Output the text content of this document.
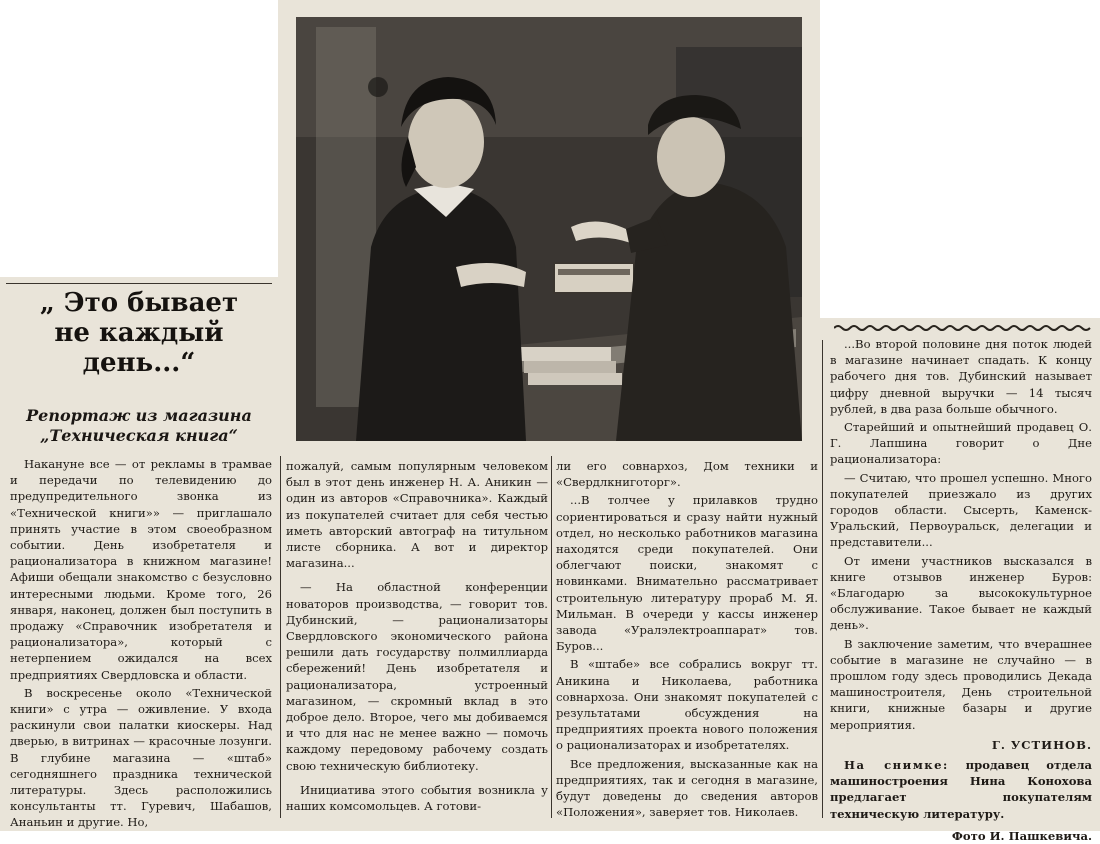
„ Это бывает
не каждый
день...“
Репортаж из магазина
„Техническая книга“

Накануне все — от рекламы в трамвае и передачи по телевидению до предупредительного звонка из «Технической книги»» — приглашало принять участие в этом своеобразном событии. День изобретателя и рационализатора в книжном магазине! Афиши обещали знакомство с безусловно интересными людьми. Кроме того, 26 января, наконец, должен был поступить в продажу «Справочник изобретателя и рационализатора», который с нетерпением ожидался на всех предприятиях Свердловска и области.

В воскресенье около «Технической книги» с утра — оживление. У входа раскинули свои палатки киоскеры. Над дверью, в витринах — красочные лозунги. В глубине магазина — «штаб» сегодняшнего праздника технической литературы. Здесь расположились консультанты тт. Гуревич, Шабашов, Ананьин и другие. Но,

пожалуй, самым популярным человеком был в этот день инженер Н. А. Аникин — один из авторов «Справочника». Каждый из покупателей считает для себя честью иметь авторский автограф на титульном листе сборника. А вот и директор магазина...

— На областной конференции новаторов производства, — говорит тов. Дубинский, — рационализаторы Свердловского экономического района решили дать государству полмиллиарда сбережений! День изобретателя и рационализатора, устроенный магазином, — скромный вклад в это доброе дело. Второе, чего мы добиваемся и что для нас не менее важно — помочь каждому передовому рабочему создать свою техническую библиотеку.

Инициатива этого события возникла у наших комсомольцев. А готови-

ли его совнархоз, Дом техники и «Свердлкниготорг».

...В толчее у прилавков трудно сориентироваться и сразу найти нужный отдел, но несколько работников магазина находятся среди покупателей. Они облегчают поиски, знакомят с новинками. Внимательно рассматривает строительную литературу прораб М. Я. Мильман. В очереди у кассы инженер завода «Уралэлектроаппарат» тов. Буров...

В «штабе» все собрались вокруг тт. Аникина и Николаева, работника совнархоза. Они знакомят покупателей с результатами обсуждения на предприятиях проекта нового положения о рационализаторах и изобретателях.

Все предложения, высказанные как на предприятиях, так и сегодня в магазине, будут доведены до сведения авторов «Положения», заверяет тов. Николаев.

...Во второй половине дня поток людей в магазине начинает спадать. К концу рабочего дня тов. Дубинский называет цифру дневной выручки — 14 тысяч рублей, в два раза больше обычного.

Старейший и опытнейший продавец О. Г. Лапшина говорит о Дне рационализатора:

— Считаю, что прошел успешно. Много покупателей приезжало из других городов области. Сысерть, Каменск-Уральский, Первоуральск, делегации и представители...

От имени участников высказался в книге отзывов инженер Буров: «Благодарю за высококультурное обслуживание. Такое бывает не каждый день».

В заключение заметим, что вчерашнее событие в магазине не случайно — в прошлом году здесь проводились Декада машиностроителя, День строительной книги, книжные базары и другие мероприятия.

Г. УСТИНОВ.

На снимке: продавец отдела машиностроения Нина Конохова предлагает покупателям техническую литературу.

Фото И. Пашкевича.
